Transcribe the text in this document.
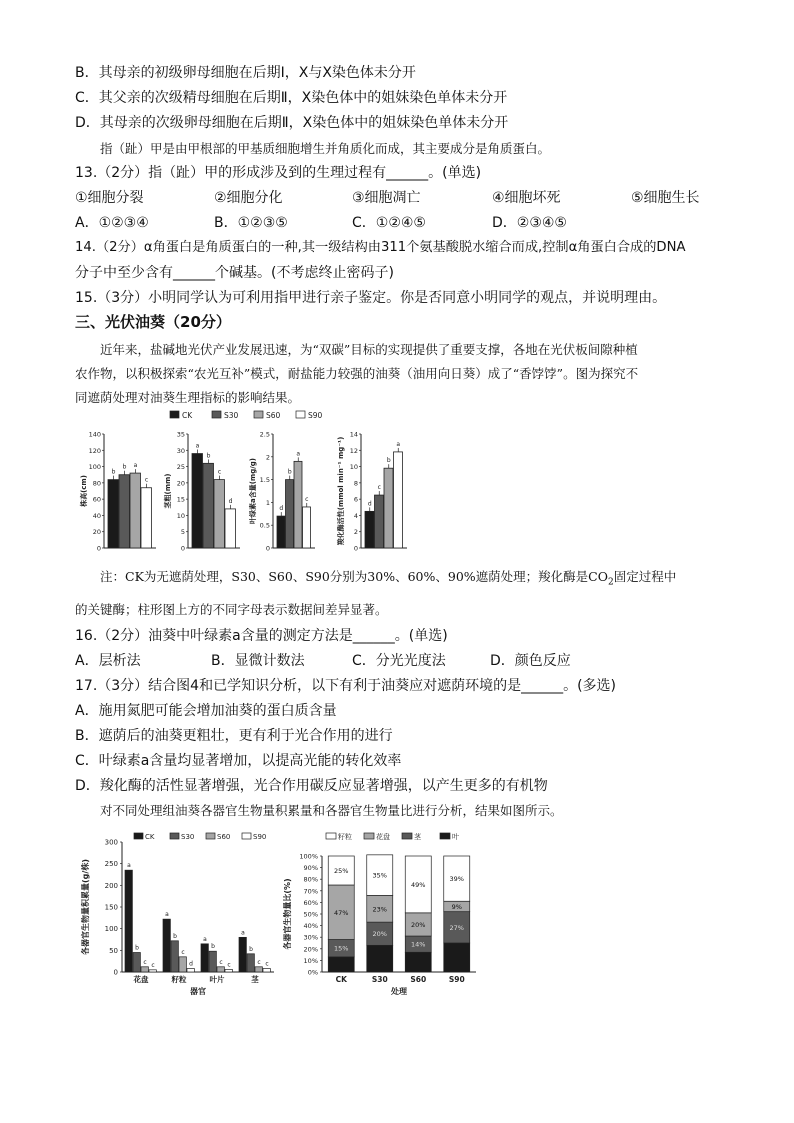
B．其母亲的初级卵母细胞在后期Ⅰ，X与X染色体未分开
C．其父亲的次级精母细胞在后期Ⅱ，X染色体中的姐妹染色单体未分开
D．其母亲的次级卵母细胞在后期Ⅱ，X染色体中的姐妹染色单体未分开
指（趾）甲是由甲根部的甲基质细胞增生并角质化而成，其主要成分是角质蛋白。
13.（2分）指（趾）甲的形成涉及到的生理过程有______。(单选)
①细胞分裂	②细胞分化	③细胞凋亡	④细胞坏死	⑤细胞生长
A．①②③④	B．①②③⑤	C．①②④⑤	D．②③④⑤
14.（2分）α角蛋白是角质蛋白的一种,其一级结构由311个氨基酸脱水缩合而成,控制α角蛋白合成的DNA
分子中至少含有______个碱基。(不考虑终止密码子)
15.（3分）小明同学认为可利用指甲进行亲子鉴定。你是否同意小明同学的观点，并说明理由。
三、光伏油葵（20分）
近年来，盐碱地光伏产业发展迅速，为“双碳”目标的实现提供了重要支撑，各地在光伏板间隙种植
农作物，以积极探索“农光互补”模式，耐盐能力较强的油葵（油用向日葵）成了“香饽饽”。图为探究不
同遮荫处理对油葵生理指标的影响结果。
CK	S30	S60	S90
0
20
40
60
80
100
120
140
株高(cm)
b
b a
c
0
5
10
15
20
25
30
35
茎粗(mm)
a
b
c
d
0
0.5
1
1.5
2
2.5
叶绿素a含量(mg/g)	d
b
a
c
0
2
4
6
8
10
12
14
羧化酶活性(mmol min⁻¹ mg⁻¹)	d
c
b
a
注：CK为无遮荫处理，S30、S60、S90分别为30%、60%、90%遮荫处理；羧化酶是$CO_2$固定过程中
的关键酶；柱形图上方的不同字母表示数据间差异显著。
16.（2分）油葵中叶绿素a含量的测定方法是______。(单选)
A．层析法	B．显微计数法	C．分光光度法	D．颜色反应
17.（3分）结合图4和已学知识分析，以下有利于油葵应对遮荫环境的是______。(多选)
A．施用氮肥可能会增加油葵的蛋白质含量
B．遮荫后的油葵更粗壮，更有利于光合作用的进行
C．叶绿素a含量均显著增加，以提高光能的转化效率
D．羧化酶的活性显著增强，光合作用碳反应显著增强，以产生更多的有机物
对不同处理组油葵各器官生物量积累量和各器官生物量比进行分析，结果如图所示。
0
50
100
150
200
250
300
CK	S30	S60	S90
a
b
c c
花盘
a
b
c
d
籽粒
a
b
c c
叶片
a
b
c c
茎
器官
各器官生物量积累量(g/株)
0%
10%
20%
30%
40%
50%
60%
70%
80%
90%
100%
籽粒	花盘	茎	叶
15%
47%
25%
CK
20%
23%
35%
S30
14%
20%
49%
S60
27%
9%
39%
S90
处理
各器官生物量比(%)
